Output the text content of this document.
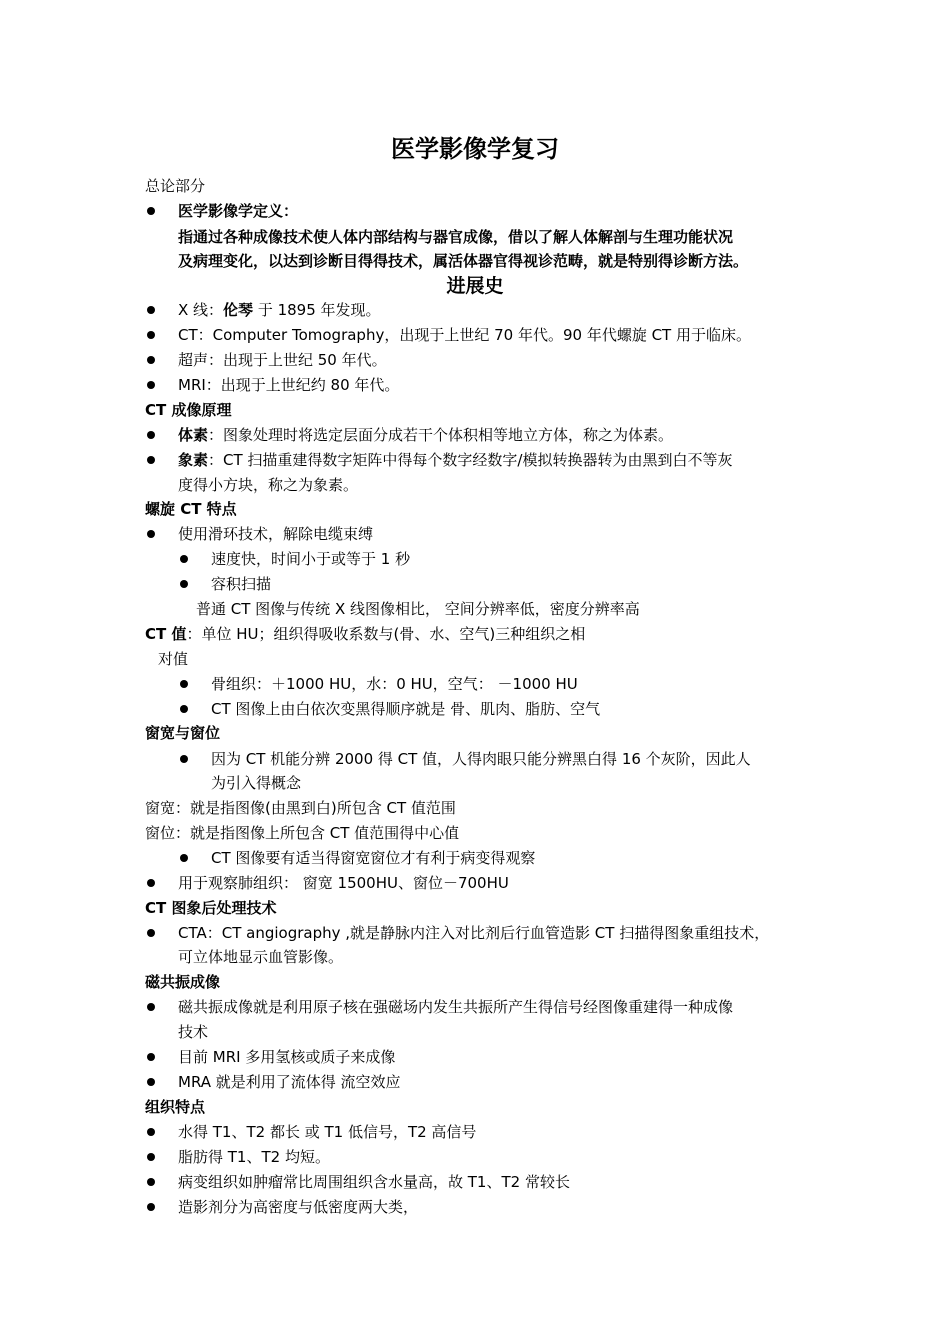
医学影像学复习
总论部分
医学影像学定义：
指通过各种成像技术使人体内部结构与器官成像，借以了解人体解剖与生理功能状况
及病理变化，以达到诊断目得得技术，属活体器官得视诊范畴，就是特别得诊断方法。
进展史
X 线：伦琴 于 1895 年发现。
CT：Computer Tomography，出现于上世纪 70 年代。90 年代螺旋 CT 用于临床。
超声：出现于上世纪 50 年代。
MRI：出现于上世纪约 80 年代。
CT 成像原理
体素：图象处理时将选定层面分成若干个体积相等地立方体，称之为体素。
象素：CT 扫描重建得数字矩阵中得每个数字经数字/模拟转换器转为由黑到白不等灰
度得小方块，称之为象素。
螺旋 CT 特点
使用滑环技术，解除电缆束缚
速度快，时间小于或等于 1 秒
容积扫描
普通 CT 图像与传统 X 线图像相比， 空间分辨率低，密度分辨率高
CT 值：单位 HU；组织得吸收系数与(骨、水、空气)三种组织之相
对值
骨组织：＋1000 HU，水：0 HU，空气： －1000 HU
CT 图像上由白依次变黑得顺序就是 骨、肌肉、脂肪、空气
窗宽与窗位
因为 CT 机能分辨 2000 得 CT 值，人得肉眼只能分辨黑白得 16 个灰阶，因此人
为引入得概念
窗宽：就是指图像(由黑到白)所包含 CT 值范围
窗位：就是指图像上所包含 CT 值范围得中心值
CT 图像要有适当得窗宽窗位才有利于病变得观察
用于观察肺组织： 窗宽 1500HU、窗位－700HU
CT 图象后处理技术
CTA：CT angiography ,就是静脉内注入对比剂后行血管造影 CT 扫描得图象重组技术，
可立体地显示血管影像。
磁共振成像
磁共振成像就是利用原子核在强磁场内发生共振所产生得信号经图像重建得一种成像
技术
目前 MRI 多用氢核或质子来成像
MRA 就是利用了流体得 流空效应
组织特点
水得 T1、T2 都长 或 T1 低信号，T2 高信号
脂肪得 T1、T2 均短。
病变组织如肿瘤常比周围组织含水量高，故 T1、T2 常较长
造影剂分为高密度与低密度两大类，
